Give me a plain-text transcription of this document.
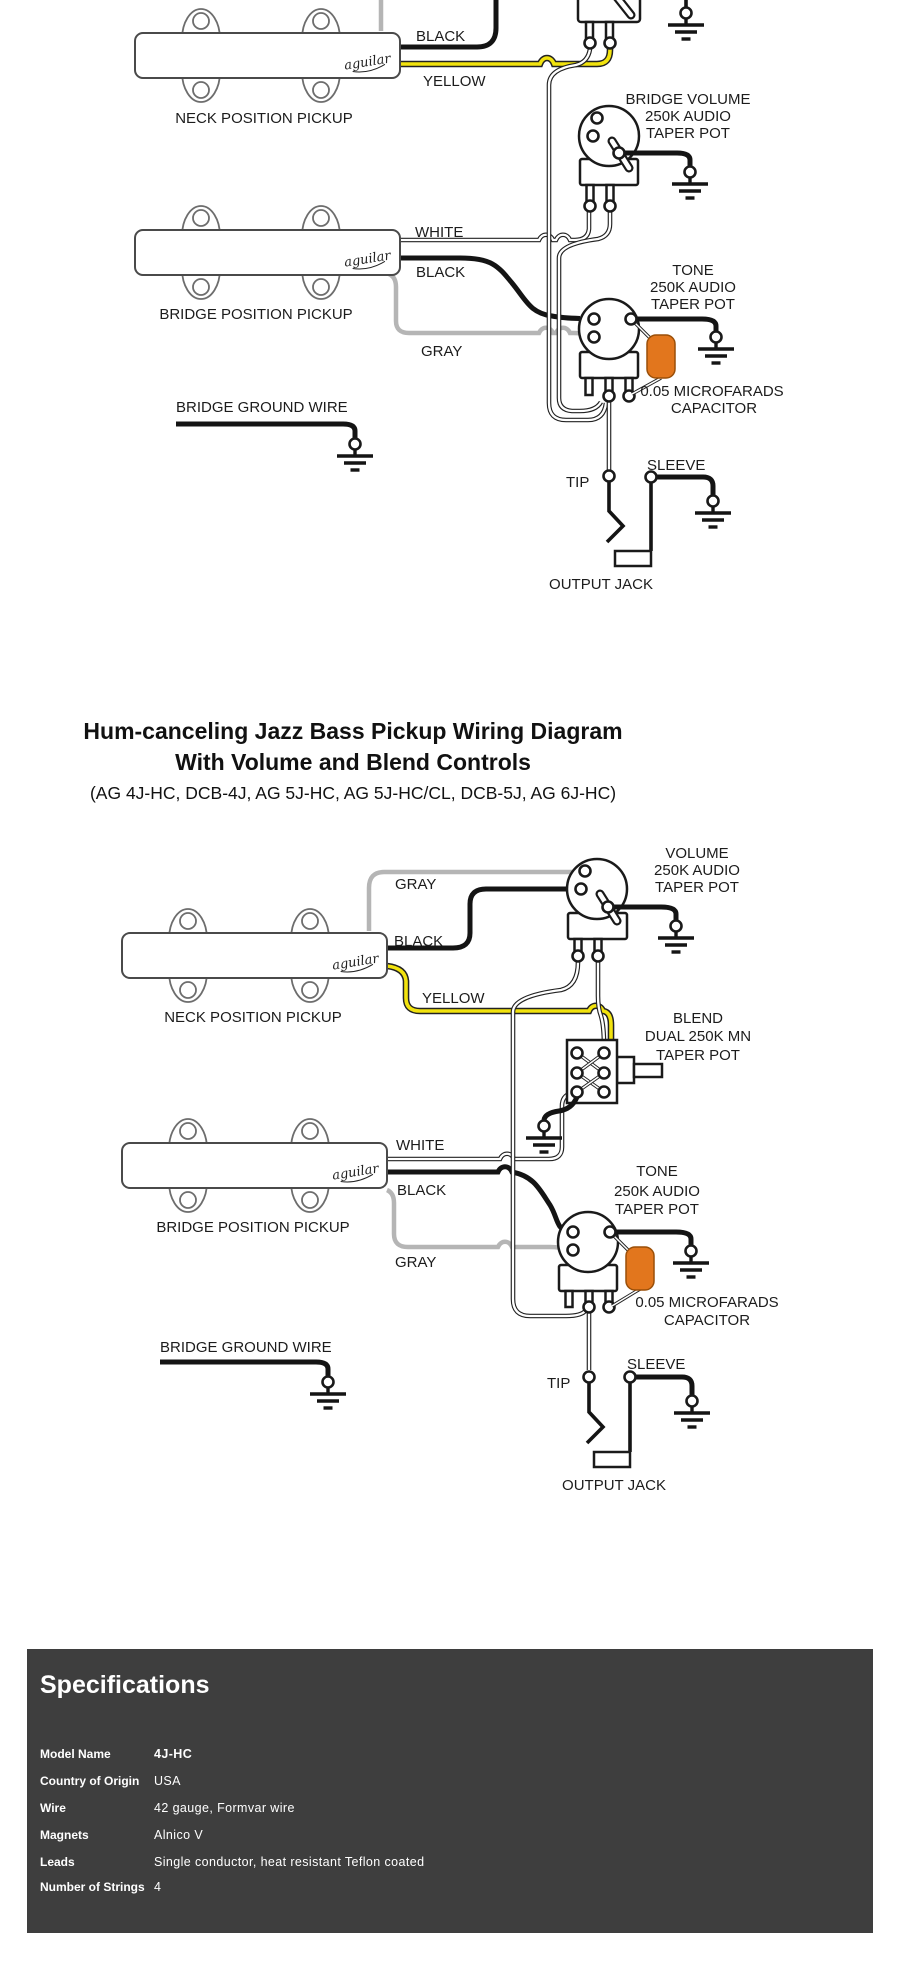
aguilar
aguilar
BLACK
YELLOW
NECK POSITION PICKUP
BRIDGE VOLUME
250K AUDIO
TAPER POT
WHITE
BLACK
BRIDGE POSITION PICKUP
GRAY
TONE
250K AUDIO
TAPER POT
0.05 MICROFARADS
CAPACITOR
BRIDGE GROUND WIRE
TIP
SLEEVE
OUTPUT JACK
Hum-canceling Jazz Bass Pickup Wiring Diagram
With Volume and Blend Controls
(AG 4J-HC, DCB-4J, AG 5J-HC, AG 5J-HC/CL, DCB-5J, AG 6J-HC)
aguilar
aguilar
GRAY
BLACK
YELLOW
NECK POSITION PICKUP
VOLUME
250K AUDIO
TAPER POT
BLEND
DUAL 250K MN
TAPER POT
WHITE
BLACK
BRIDGE POSITION PICKUP
GRAY
TONE
250K AUDIO
TAPER POT
0.05 MICROFARADS
CAPACITOR
BRIDGE GROUND WIRE
TIP
SLEEVE
OUTPUT JACK
Specifications
Model Name	4J-HC
Country of Origin	USA
Wire	42 gauge, Formvar wire
Magnets	Alnico V
Leads	Single conductor, heat resistant Teflon coated
Number of Strings 4
